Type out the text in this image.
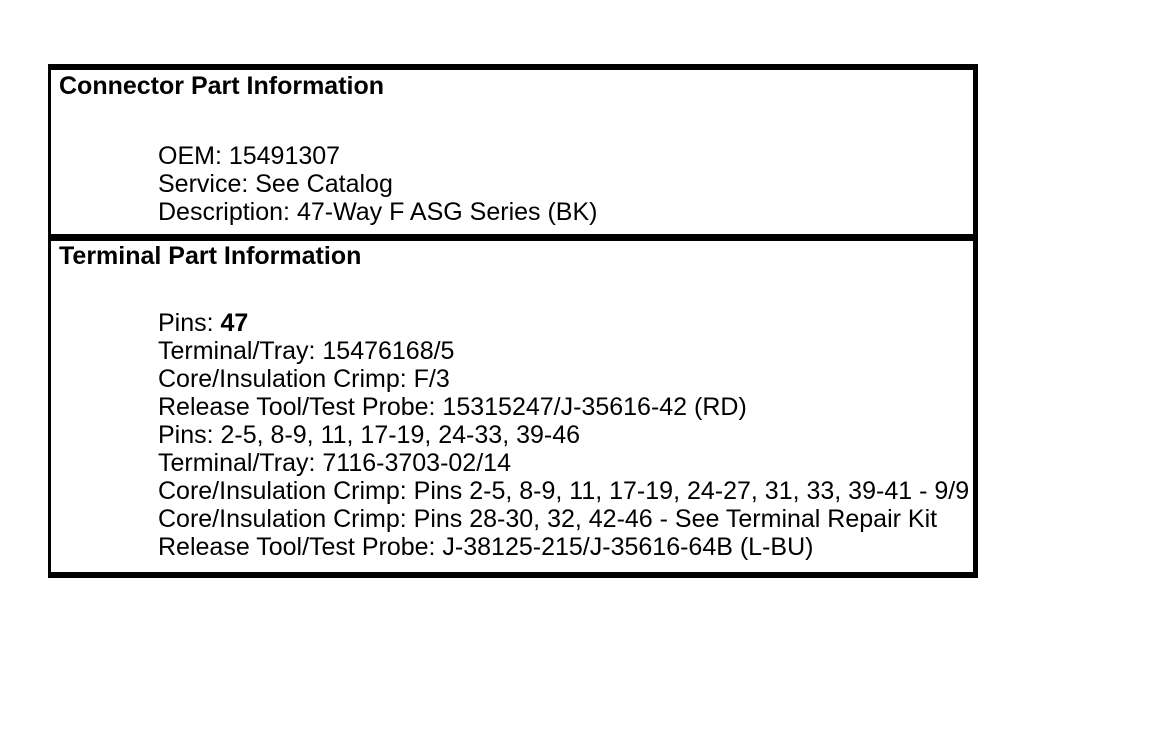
Connector Part Information
OEM: 15491307
Service: See Catalog
Description: 47-Way F ASG Series (BK)
Terminal Part Information
Pins: 47
Terminal/Tray: 15476168/5
Core/Insulation Crimp: F/3
Release Tool/Test Probe: 15315247/J-35616-42 (RD)
Pins: 2-5, 8-9, 11, 17-19, 24-33, 39-46
Terminal/Tray: 7116-3703-02/14
Core/Insulation Crimp: Pins 2-5, 8-9, 11, 17-19, 24-27, 31, 33, 39-41 - 9/9
Core/Insulation Crimp: Pins 28-30, 32, 42-46 - See Terminal Repair Kit
Release Tool/Test Probe: J-38125-215/J-35616-64B (L-BU)
